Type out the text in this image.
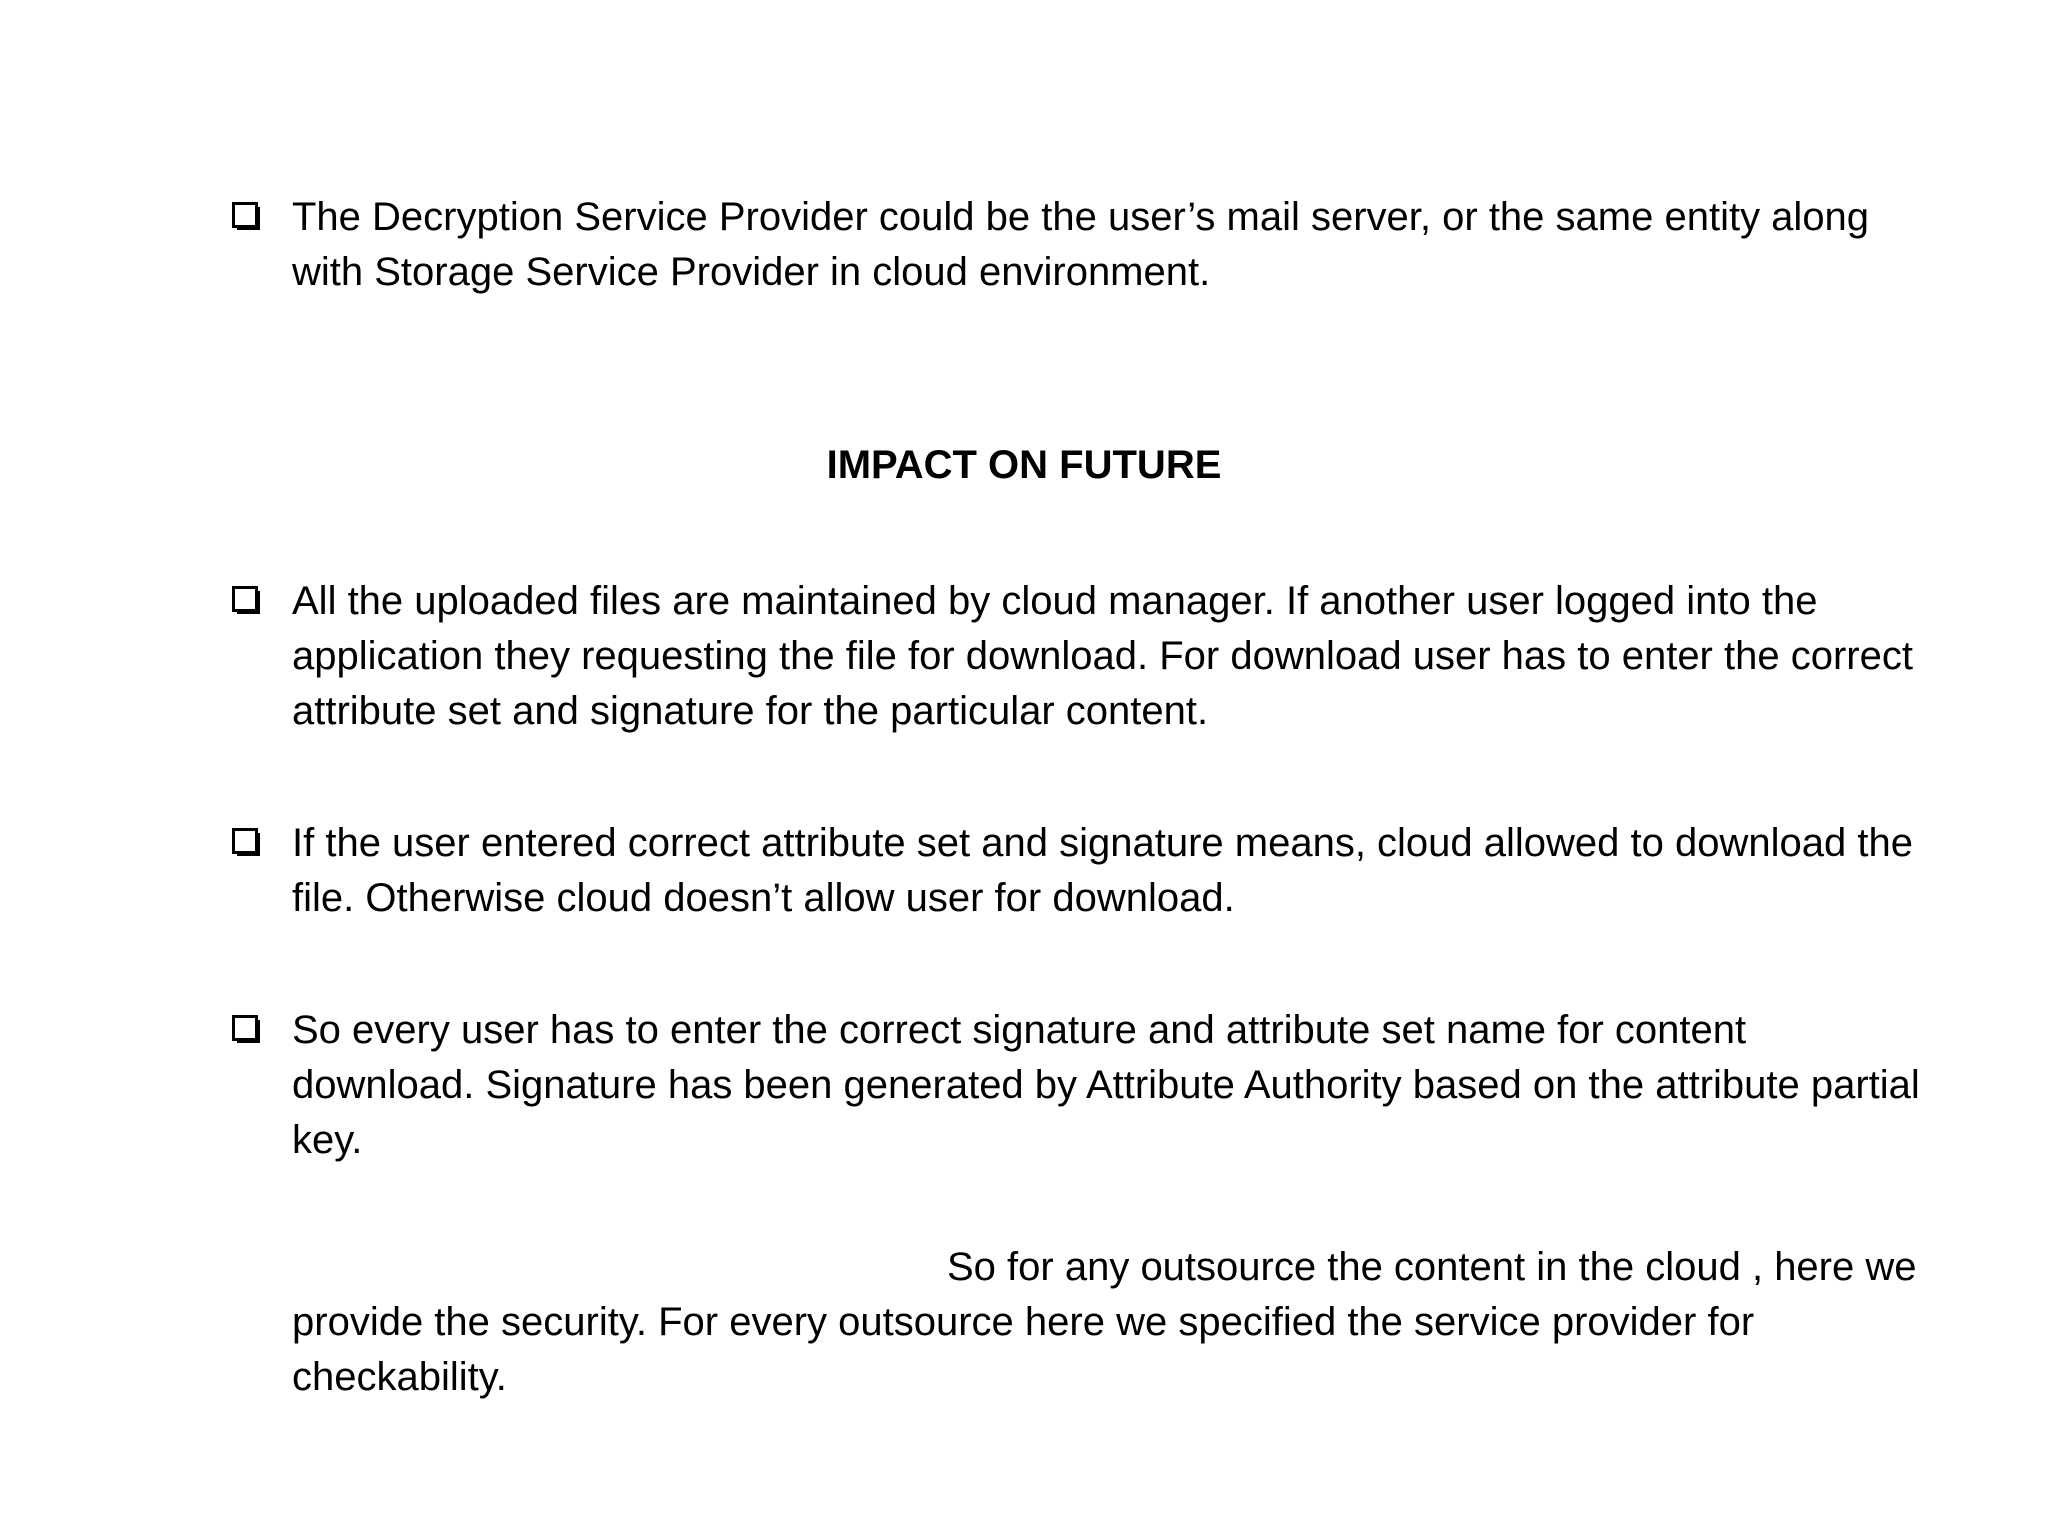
The Decryption Service Provider could be the user’s mail server, or the same entity along with Storage Service Provider in cloud environment.

IMPACT ON FUTURE

All the uploaded files are maintained by cloud manager. If another user logged into the application they requesting the file for download. For download user has to enter the correct attribute set and signature for the particular content.

If the user entered correct attribute set and signature means, cloud allowed to download the file. Otherwise cloud doesn’t allow user for download.

So every user has to enter the correct signature and attribute set name for content download. Signature has been generated by Attribute Authority based on the attribute partial key.

So for any outsource the content in the cloud , here we provide the security. For every outsource here we specified the service provider for checkability.
